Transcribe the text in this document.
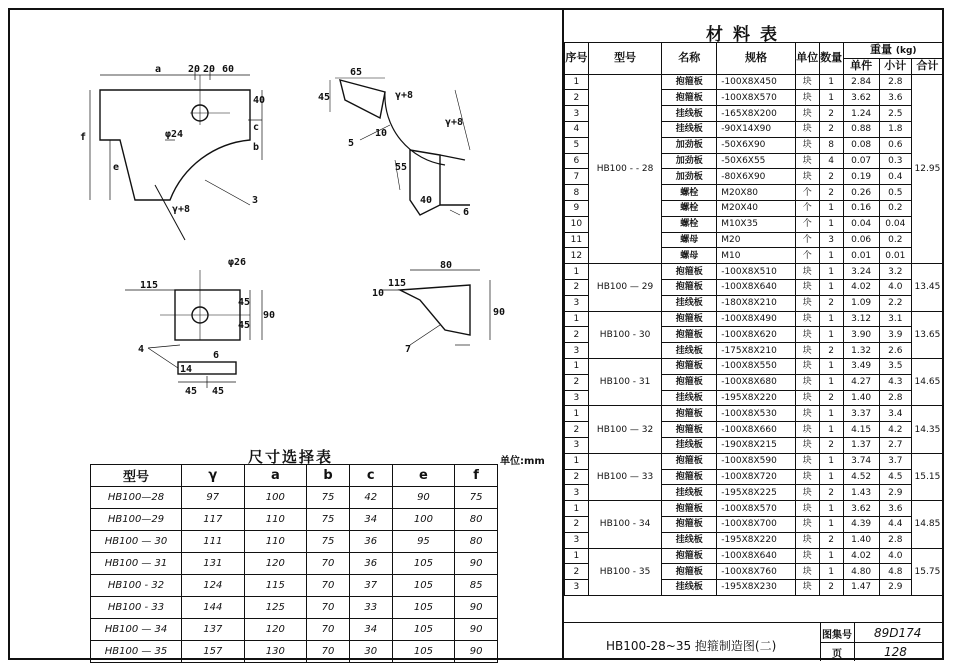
a	20 20 60
40
c
b
e
f	φ24
γ+8
3
65
45	γ+8
γ+8
10
5
55
40
6
φ26
115
45
45
90
6
45 45
4
14
80
115
10
90
7
尺寸选择表	单位:mm
型号	γ	a	b	c	e	f
HB100—28	97	100	75	42	90	75
HB100—29	117	110	75	34	100	80
HB100 — 30	111	110	75	36	95	80
HB100 — 31	131	120	70	36	105	90
HB100 - 32	124	115	70	37	105	85
HB100 - 33	144	125	70	33	105	90
HB100 — 34	137	120	70	34	105	90
HB100 — 35	157	130	70	30	105	90
材料表
序号	型号	名称	规格	单位	数量	重量 (kg)		
						单件	小计	合计
1	HB100 - - 28	抱箍板	-100X8X450	块	1	2.84	2.8	12.95
2		抱箍板	-100X8X570	块	1	3.62	3.6	
3		挂线板	-165X8X200	块	2	1.24	2.5	
4		挂线板	-90X14X90	块	2	0.88	1.8	
5		加劲板	-50X6X90	块	8	0.08	0.6	
6		加劲板	-50X6X55	块	4	0.07	0.3	
7		加劲板	-80X6X90	块	2	0.19	0.4	
8		螺栓	M20X80	个	2	0.26	0.5	
9		螺栓	M20X40	个	1	0.16	0.2	
10		螺栓	M10X35	个	1	0.04	0.04	
11		螺母	M20	个	3	0.06	0.2	
12		螺母	M10	个	1	0.01	0.01	
1	HB100 — 29	抱箍板	-100X8X510	块	1	3.24	3.2	13.45
2		抱箍板	-100X8X640	块	1	4.02	4.0	
3		挂线板	-180X8X210	块	2	1.09	2.2	
1	HB100 - 30	抱箍板	-100X8X490	块	1	3.12	3.1	13.65
2		抱箍板	-100X8X620	块	1	3.90	3.9	
3		挂线板	-175X8X210	块	2	1.32	2.6	
1	HB100 - 31	抱箍板	-100X8X550	块	1	3.49	3.5	14.65
2		抱箍板	-100X8X680	块	1	4.27	4.3	
3		挂线板	-195X8X220	块	2	1.40	2.8	
1	HB100 — 32	抱箍板	-100X8X530	块	1	3.37	3.4	14.35
2		抱箍板	-100X8X660	块	1	4.15	4.2	
3		挂线板	-190X8X215	块	2	1.37	2.7	
1	HB100 — 33	抱箍板	-100X8X590	块	1	3.74	3.7	15.15
2		抱箍板	-100X8X720	块	1	4.52	4.5	
3		挂线板	-195X8X225	块	2	1.43	2.9	
1	HB100 - 34	抱箍板	-100X8X570	块	1	3.62	3.6	14.85
2		抱箍板	-100X8X700	块	1	4.39	4.4	
3		挂线板	-195X8X220	块	2	1.40	2.8	
1	HB100 - 35	抱箍板	-100X8X640	块	1	4.02	4.0	15.75
2		抱箍板	-100X8X760	块	1	4.80	4.8	
3		挂线板	-195X8X230	块	2	1.47	2.9	
HB100-28~35 抱箍制造图(二)
图集号 89D174
页	128
